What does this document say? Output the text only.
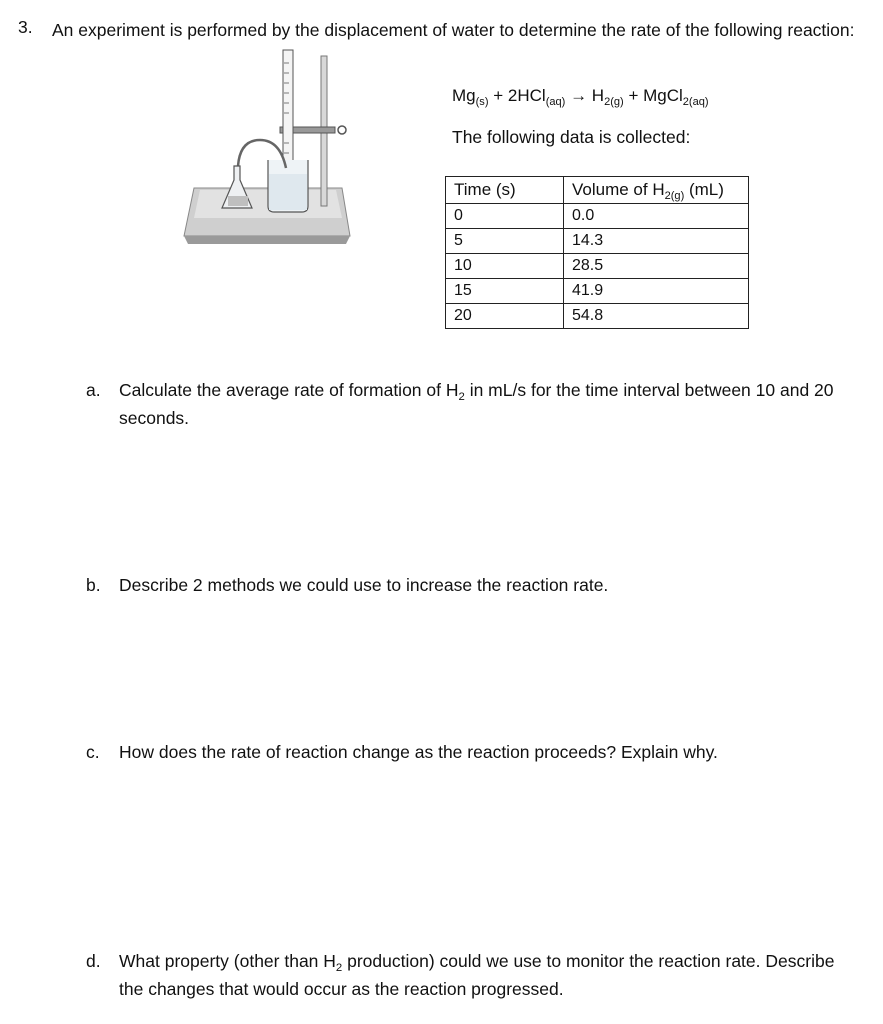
3. An experiment is performed by the displacement of water to determine the rate of the following reaction:
$Mg_{(s)} + 2HCl_{(aq)} \to H_{2(g)}$ + MgCl$_{2(aq)}$
The following data is collected:
Time (s)	Volume of $H_{2(g)}$ (mL)
0	0.0
5	14.3
10	28.5
15	41.9
20	54.8
a. Calculate the average rate of formation of $H_2$ in mL/s for the time interval between 10 and 20 seconds.
b. Describe 2 methods we could use to increase the reaction rate.
c. How does the rate of reaction change as the reaction proceeds? Explain why.
d. What property (other than $H_2$ production) could we use to monitor the reaction rate. Describe the changes that would occur as the reaction progressed.
